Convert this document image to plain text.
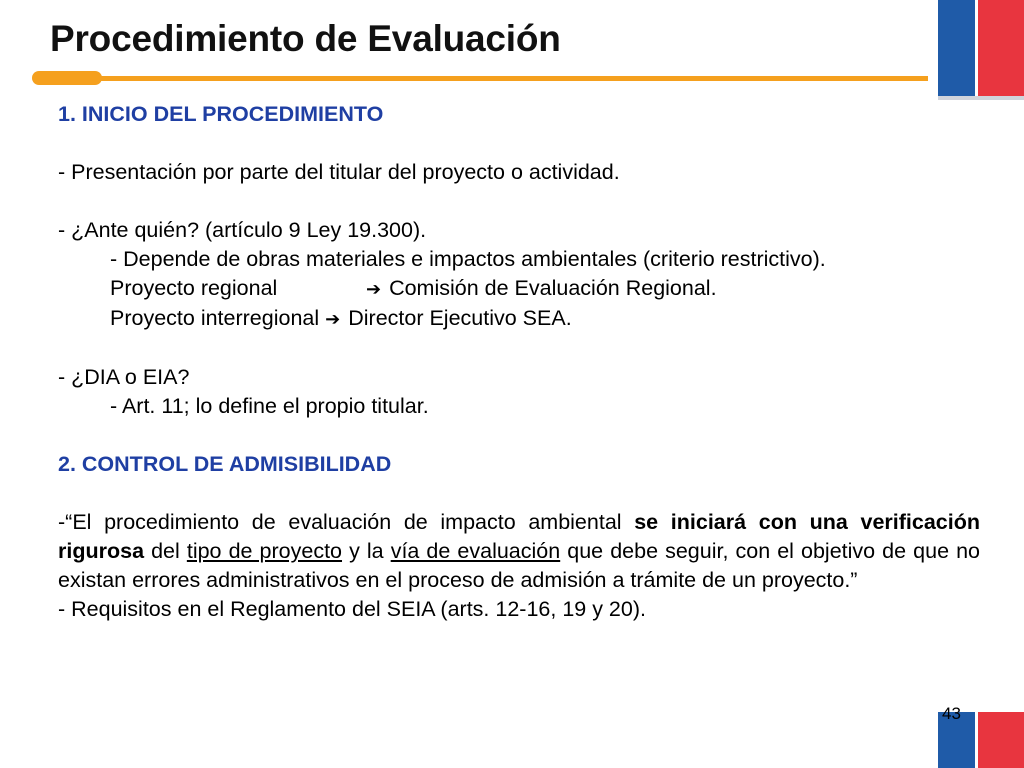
Procedimiento de Evaluación
1. INICIO DEL PROCEDIMIENTO
- Presentación por parte del titular del proyecto o actividad.
- ¿Ante quién? (artículo 9 Ley 19.300).
- Depende de obras materiales e impactos ambientales (criterio restrictivo).
Proyecto regional	➔ Comisión de Evaluación Regional.
Proyecto interregional ➔ Director Ejecutivo SEA.
- ¿DIA o EIA?
- Art. 11; lo define el propio titular.
2. CONTROL DE ADMISIBILIDAD

-“El procedimiento de evaluación de impacto ambiental se iniciará con una verificación rigurosa del tipo de proyecto y la vía de evaluación que debe seguir, con el objetivo de que no existan errores administrativos en el proceso de admisión a trámite de un proyecto.”

- Requisitos en el Reglamento del SEIA (arts. 12-16, 19 y 20).
43
